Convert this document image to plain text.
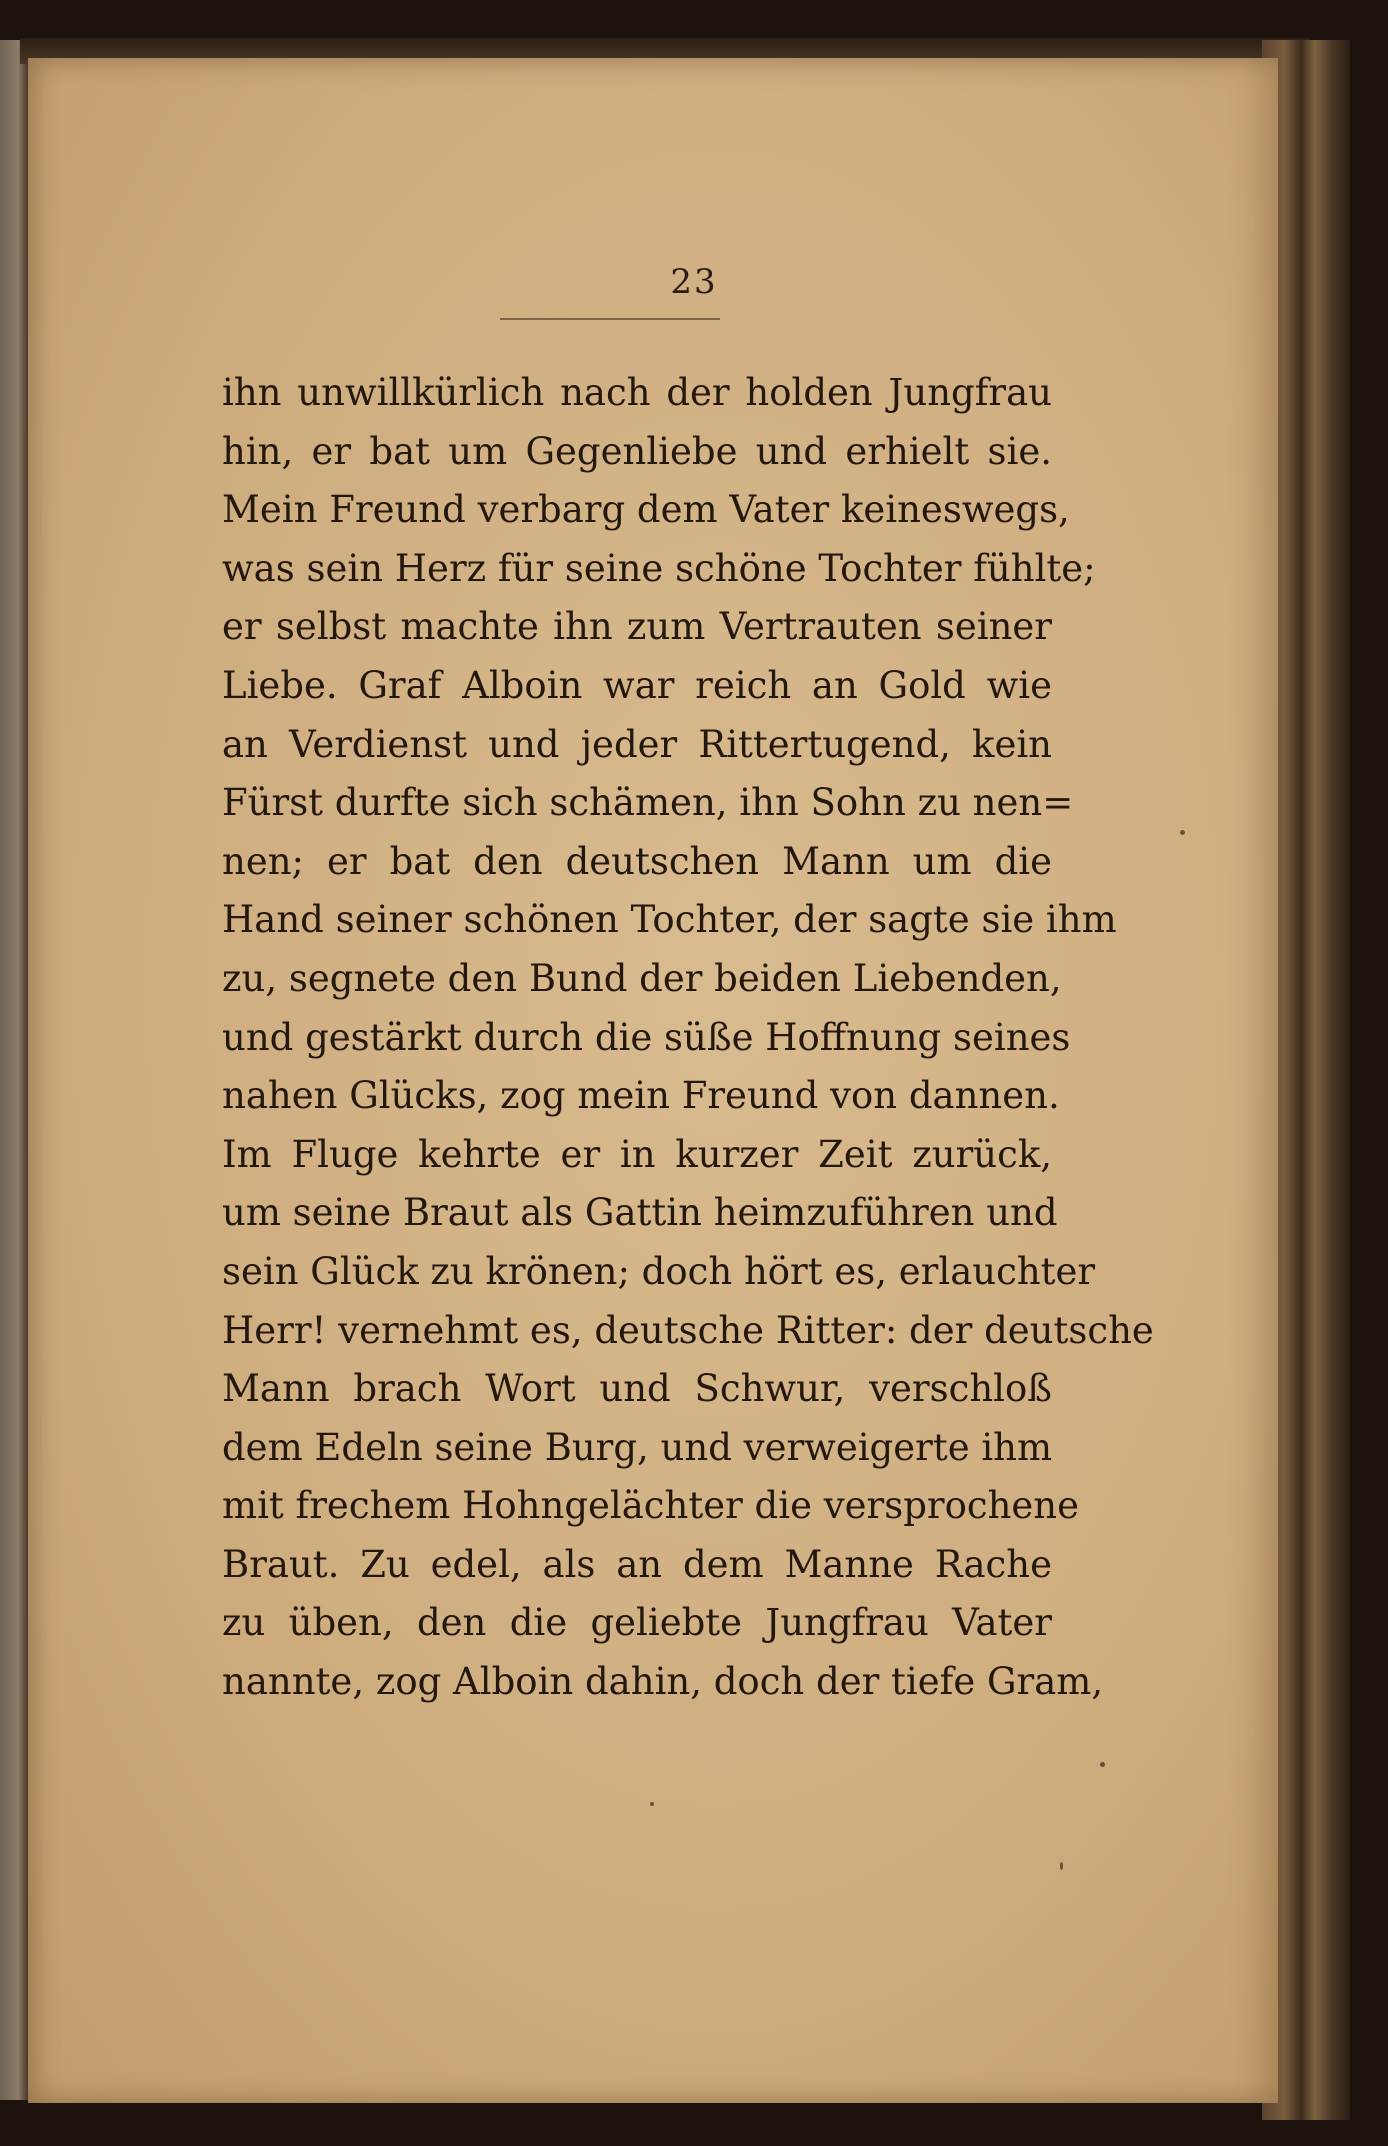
23
ihn unwillkürlich nach der holden Jungfrau
hin, er bat um Gegenliebe und erhielt sie.
Mein Freund verbarg dem Vater keineswegs,
was sein Herz für seine schöne Tochter fühlte;
er selbst machte ihn zum Vertrauten seiner
Liebe. Graf Alboin war reich an Gold wie
an Verdienst und jeder Rittertugend, kein
Fürst durfte sich schämen, ihn Sohn zu nen=
nen; er bat den deutschen Mann um die
Hand seiner schönen Tochter, der sagte sie ihm
zu, segnete den Bund der beiden Liebenden,
und gestärkt durch die süße Hoffnung seines
nahen Glücks, zog mein Freund von dannen.
Im Fluge kehrte er in kurzer Zeit zurück,
um seine Braut als Gattin heimzuführen und
sein Glück zu krönen; doch hört es, erlauchter
Herr! vernehmt es, deutsche Ritter: der deutsche
Mann brach Wort und Schwur, verschloß
dem Edeln seine Burg, und verweigerte ihm
mit frechem Hohngelächter die versprochene
Braut. Zu edel, als an dem Manne Rache
zu üben, den die geliebte Jungfrau Vater
nannte, zog Alboin dahin, doch der tiefe Gram,
